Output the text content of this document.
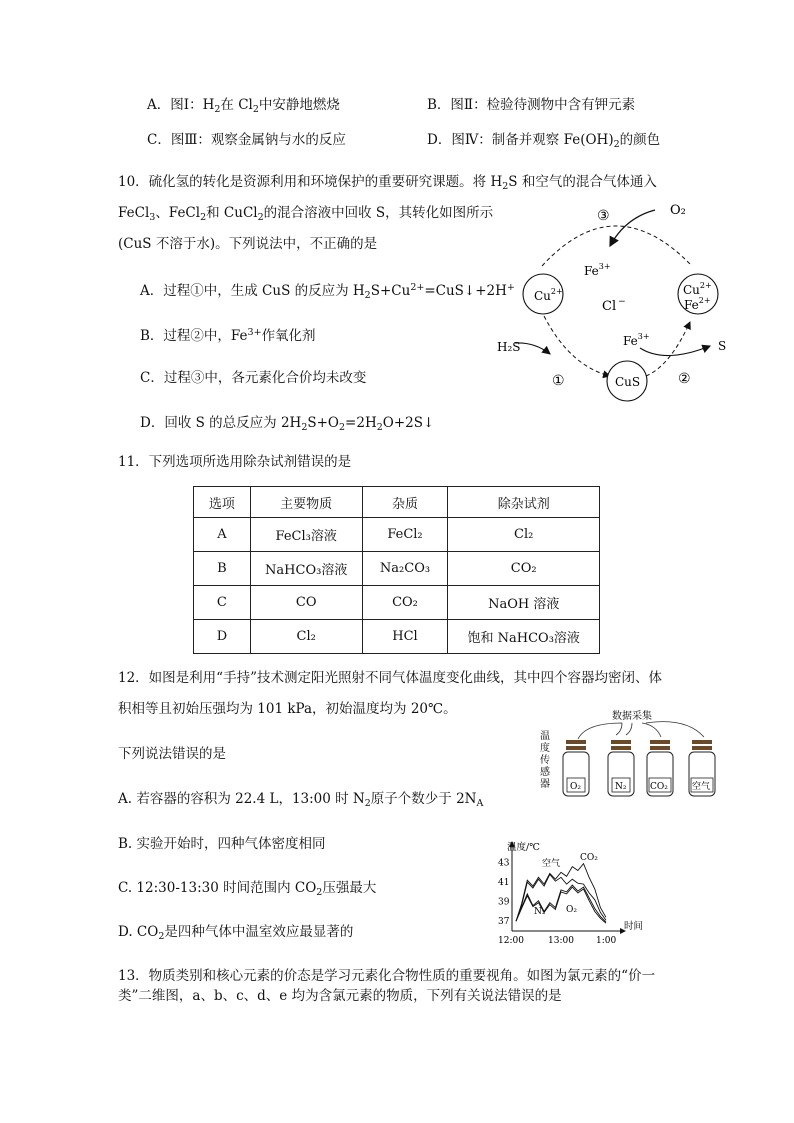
A．图Ⅰ：$H_2$在 $Cl_2$中安静地燃烧	B．图Ⅱ：检验待测物中含有钾元素
C．图Ⅲ：观察金属钠与水的反应	D．图Ⅳ：制备并观察 $Fe(OH)_2$的颜色
10．硫化氢的转化是资源利用和环境保护的重要研究课题。将 $H_2S$ 和空气的混合气体通入
FeCl$_3$、FeCl$_2$和 CuCl$_2$的混合溶液中回收 S，其转化如图所示
(CuS 不溶于水)。下列说法中，不正确的是
A．过程①中，生成 CuS 的反应为 $H_2S+Cu^{2+}=CuS↓+2H^+$
B．过程②中，$Fe^{3+}$作氧化剂
C．过程③中，各元素化合价均未改变
D．回收 S 的总反应为 $2H_2S+O_2=2H_2O+2S↓$
③	O₂
$Fe^{3+}$
$Cu^{2+}$
Cl −
$Cu^{2+}$
$Fe^{2+}$
$Fe^{3+}$
H₂S	S
①	CuS	②
11．下列选项所选用除杂试剂错误的是
选项	主要物质	杂质	除杂试剂
A	FeCl₃溶液	FeCl₂	Cl₂
B	NaHCO₃溶液	Na₂CO₃	CO₂
C	CO	CO₂	NaOH 溶液
D	Cl₂	HCl	饱和 NaHCO₃溶液
12．如图是利用“手持”技术测定阳光照射不同气体温度变化曲线，其中四个容器均密闭、体
积相等且初始压强均为 101 kPa，初始温度均为 20℃。
下列说法错误的是
A. 若容器的容积为 22.4 L，13:00 时 $N_2$原子个数少于 $2N_A$
B. 实验开始时，四种气体密度相同
C. 12:30-13:30 时间范围内 $CO_2$压强最大
D. $CO_2$是四种气体中温室效应最显著的
数据采集
温
度
传
感
器 O₂	N₂	CO₂	空气
温度/℃
时间
37
39
41
43
12:00	13:00 1:00
CO₂
空气
N₂ O₂
13．物质类别和核心元素的价态是学习元素化合物性质的重要视角。如图为氯元素的“价一
类”二维图，a、b、c、d、e 均为含氯元素的物质，下列有关说法错误的是
